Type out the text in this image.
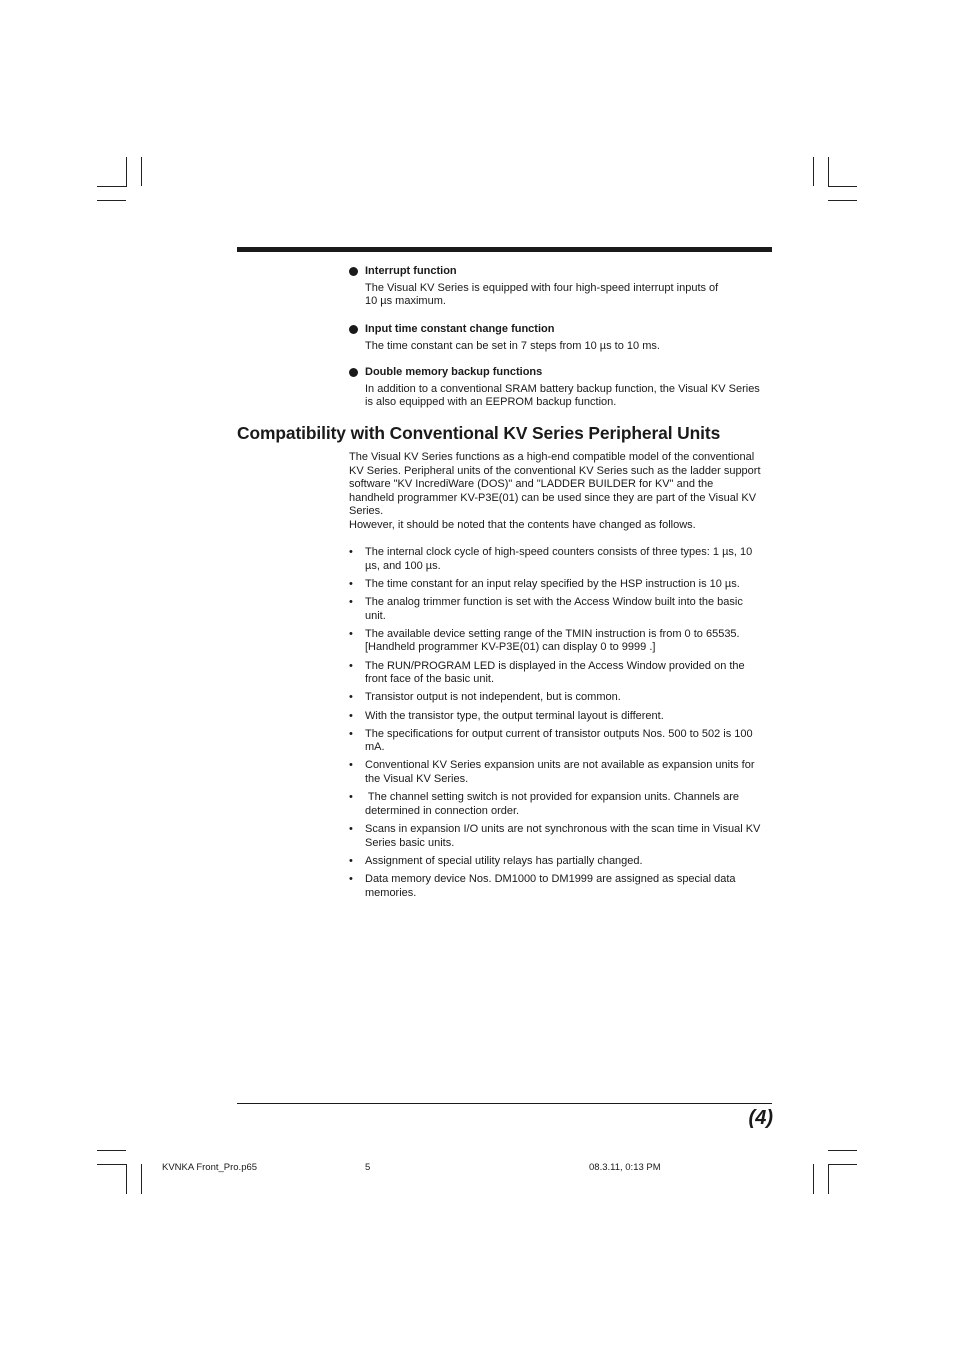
Interrupt function
The Visual KV Series is equipped with four high-speed interrupt inputs of
10 µs maximum.
Input time constant change function
The time constant can be set in 7 steps from 10 µs to 10 ms.
Double memory backup functions
In addition to a conventional SRAM battery backup function, the Visual KV Series
is also equipped with an EEPROM backup function.
Compatibility with Conventional KV Series Peripheral Units

The Visual KV Series functions as a high-end compatible model of the conventional

KV Series. Peripheral units of the conventional KV Series such as the ladder support

software "KV IncrediWare (DOS)" and "LADDER BUILDER for KV" and the

handheld programmer KV-P3E(01) can be used since they are part of the Visual KV

Series.

However, it should be noted that the contents have changed as follows.

• The internal clock cycle of high-speed counters consists of three types: 1 µs, 10
µs, and 100 µs.
• The time constant for an input relay specified by the HSP instruction is 10 µs.
• The analog trimmer function is set with the Access Window built into the basic
unit.
• The available device setting range of the TMIN instruction is from 0 to 65535.
[Handheld programmer KV-P3E(01) can display 0 to 9999 .]
• The RUN/PROGRAM LED is displayed in the Access Window provided on the
front face of the basic unit.
• Transistor output is not independent, but is common.
• With the transistor type, the output terminal layout is different.
• The specifications for output current of transistor outputs Nos. 500 to 502 is 100
mA.
• Conventional KV Series expansion units are not available as expansion units for
the Visual KV Series.
• The channel setting switch is not provided for expansion units. Channels are
determined in connection order.
• Scans in expansion I/O units are not synchronous with the scan time in Visual KV
Series basic units.
• Assignment of special utility relays has partially changed.
• Data memory device Nos. DM1000 to DM1999 are assigned as special data
memories.
(4)
KVNKA Front_Pro.p65	5	08.3.11, 0:13 PM
